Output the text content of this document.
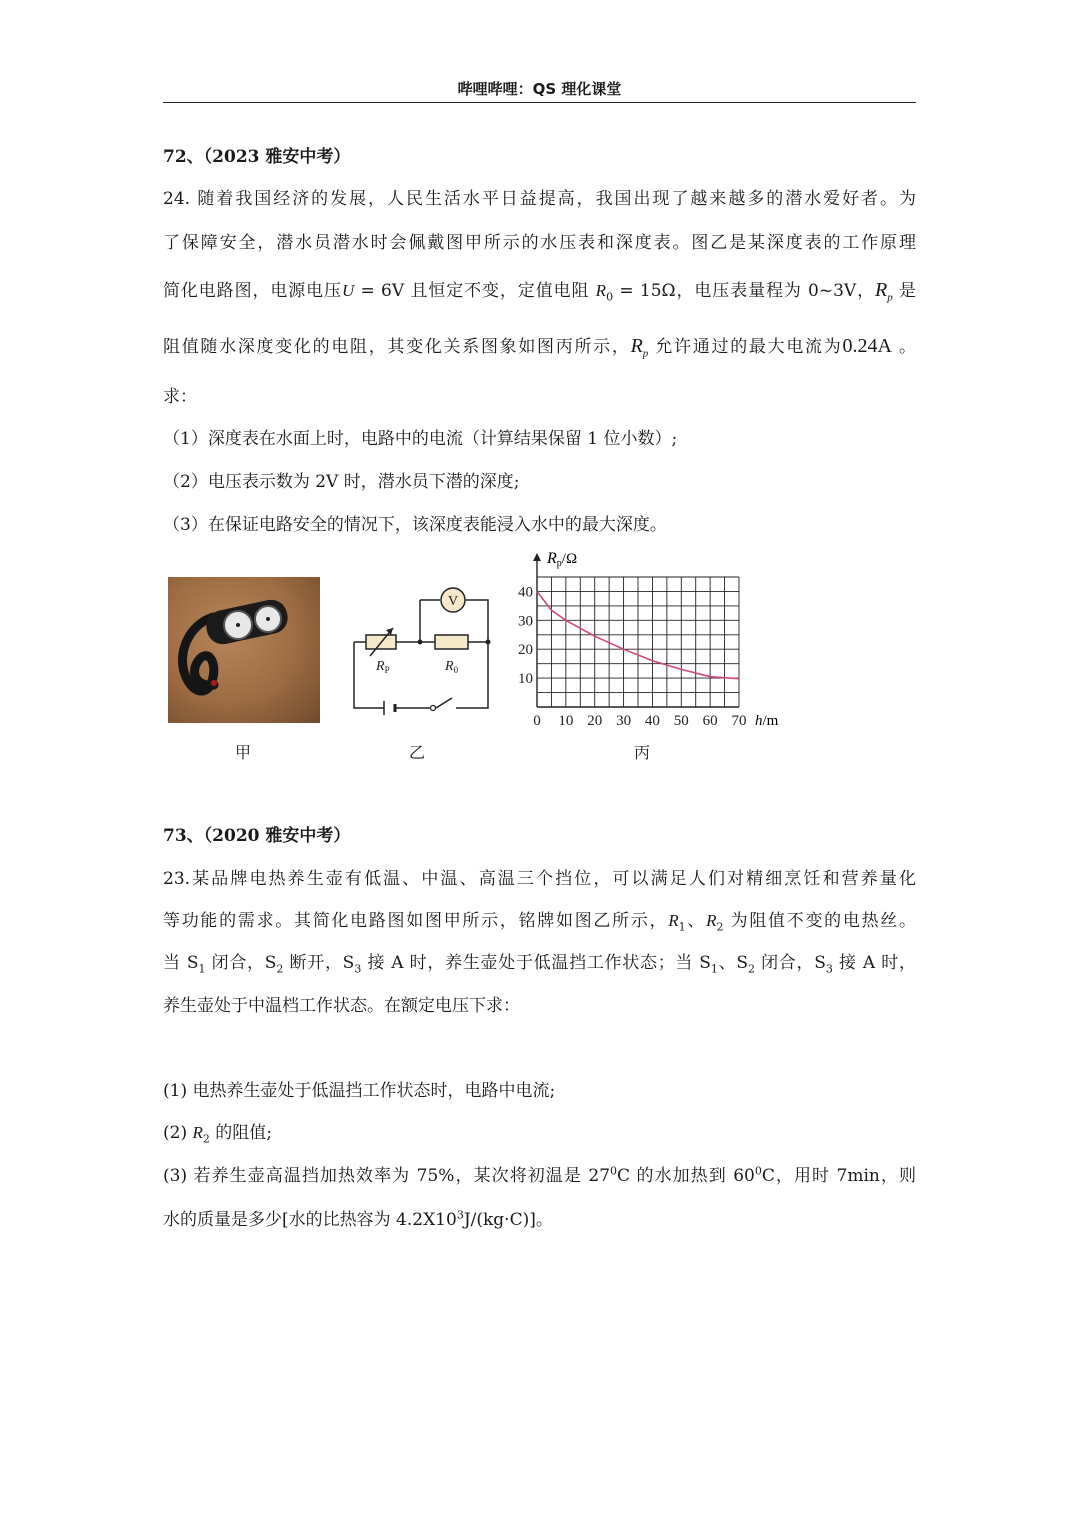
哔哩哔哩：QS 理化课堂
72、（2023 雅安中考）
24. 随着我国经济的发展，人民生活水平日益提高，我国出现了越来越多的潜水爱好者。为
了保障安全，潜水员潜水时会佩戴图甲所示的水压表和深度表。图乙是某深度表的工作原理
简化电路图，电源电压U = 6V 且恒定不变，定值电阻 $R_0 = 15\Omega$，电压表量程为 0~3V，$R_p$ 是
阻值随水深度变化的电阻，其变化关系图象如图丙所示，$R_p$ 允许通过的最大电流为0.24A 。
求：
（1）深度表在水面上时，电路中的电流（计算结果保留 1 位小数）;
（2）电压表示数为 2V 时，潜水员下潜的深度;
（3）在保证电路安全的情况下，该深度表能浸入水中的最大深度。
甲
V
$R_P$	$R_0$
乙
0 10 20 30 40 50 60 70
10
20
30
40
Rp/Ω
h/m
丙
73、（2020 雅安中考）
23.某品牌电热养生壶有低温、中温、高温三个挡位，可以满足人们对精细烹饪和营养量化
等功能的需求。其简化电路图如图甲所示，铭牌如图乙所示，$R_1$、$R_2$ 为阻值不变的电热丝。
当 $S_1$ 闭合，$S_2$ 断开，$S_3$ 接 A 时，养生壶处于低温挡工作状态；当 $S_1$、$S_2$ 闭合，$S_3$ 接 A 时，
养生壶处于中温档工作状态。在额定电压下求：
(1) 电热养生壶处于低温挡工作状态时，电路中电流;
(2) $R_2$ 的阻值;
(3) 若养生壶高温挡加热效率为 75%，某次将初温是 $27^0C$ 的水加热到 $60^0C$，用时 7min，则
水的质量是多少[水的比热容为 $4.2X10^3J/(kg\cdot C)$]。
